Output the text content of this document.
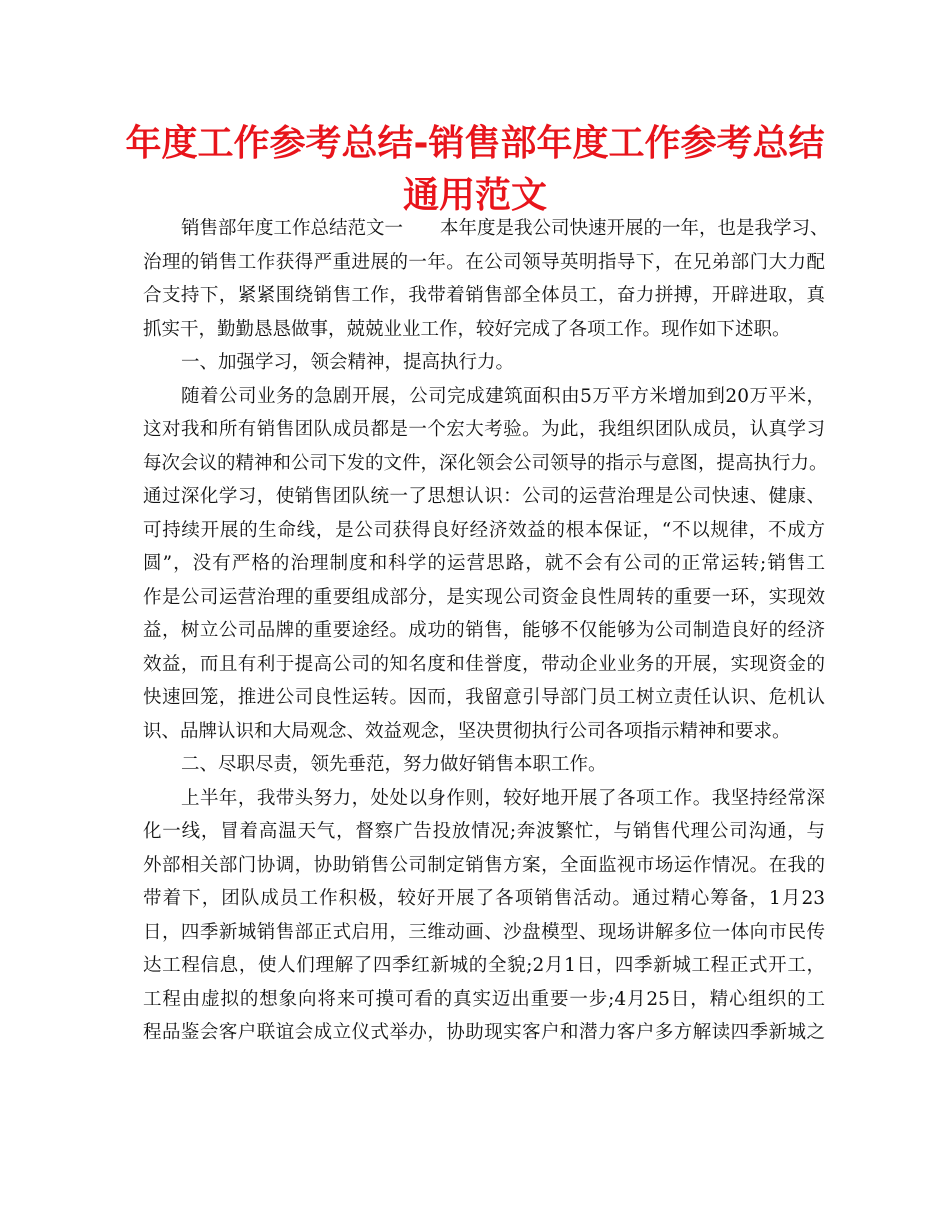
年度工作参考总结-销售部年度工作参考总结通用范文
销售部年度工作总结范文一　　本年度是我公司快速开展的一年，也是我学习、
治理的销售工作获得严重进展的一年。在公司领导英明指导下，在兄弟部门大力配
合支持下，紧紧围绕销售工作，我带着销售部全体员工，奋力拼搏，开辟进取，真
抓实干，勤勤恳恳做事，兢兢业业工作，较好完成了各项工作。现作如下述职。
一、加强学习，领会精神，提高执行力。
随着公司业务的急剧开展，公司完成建筑面积由5万平方米增加到20万平米，
这对我和所有销售团队成员都是一个宏大考验。为此，我组织团队成员，认真学习
每次会议的精神和公司下发的文件，深化领会公司领导的指示与意图，提高执行力。
通过深化学习，使销售团队统一了思想认识：公司的运营治理是公司快速、健康、
可持续开展的生命线，是公司获得良好经济效益的根本保证，“不以规律，不成方
圆”，没有严格的治理制度和科学的运营思路，就不会有公司的正常运转;销售工
作是公司运营治理的重要组成部分，是实现公司资金良性周转的重要一环，实现效
益，树立公司品牌的重要途经。成功的销售，能够不仅能够为公司制造良好的经济
效益，而且有利于提高公司的知名度和佳誉度，带动企业业务的开展，实现资金的
快速回笼，推进公司良性运转。因而，我留意引导部门员工树立责任认识、危机认
识、品牌认识和大局观念、效益观念，坚决贯彻执行公司各项指示精神和要求。
二、尽职尽责，领先垂范，努力做好销售本职工作。
上半年，我带头努力，处处以身作则，较好地开展了各项工作。我坚持经常深
化一线，冒着高温天气，督察广告投放情况;奔波繁忙，与销售代理公司沟通，与
外部相关部门协调，协助销售公司制定销售方案，全面监视市场运作情况。在我的
带着下，团队成员工作积极，较好开展了各项销售活动。通过精心筹备，1月23
日，四季新城销售部正式启用，三维动画、沙盘模型、现场讲解多位一体向市民传
达工程信息，使人们理解了四季红新城的全貌;2月1日，四季新城工程正式开工，
工程由虚拟的想象向将来可摸可看的真实迈出重要一步;4月25日，精心组织的工
程品鉴会客户联谊会成立仪式举办，协助现实客户和潜力客户多方解读四季新城之
